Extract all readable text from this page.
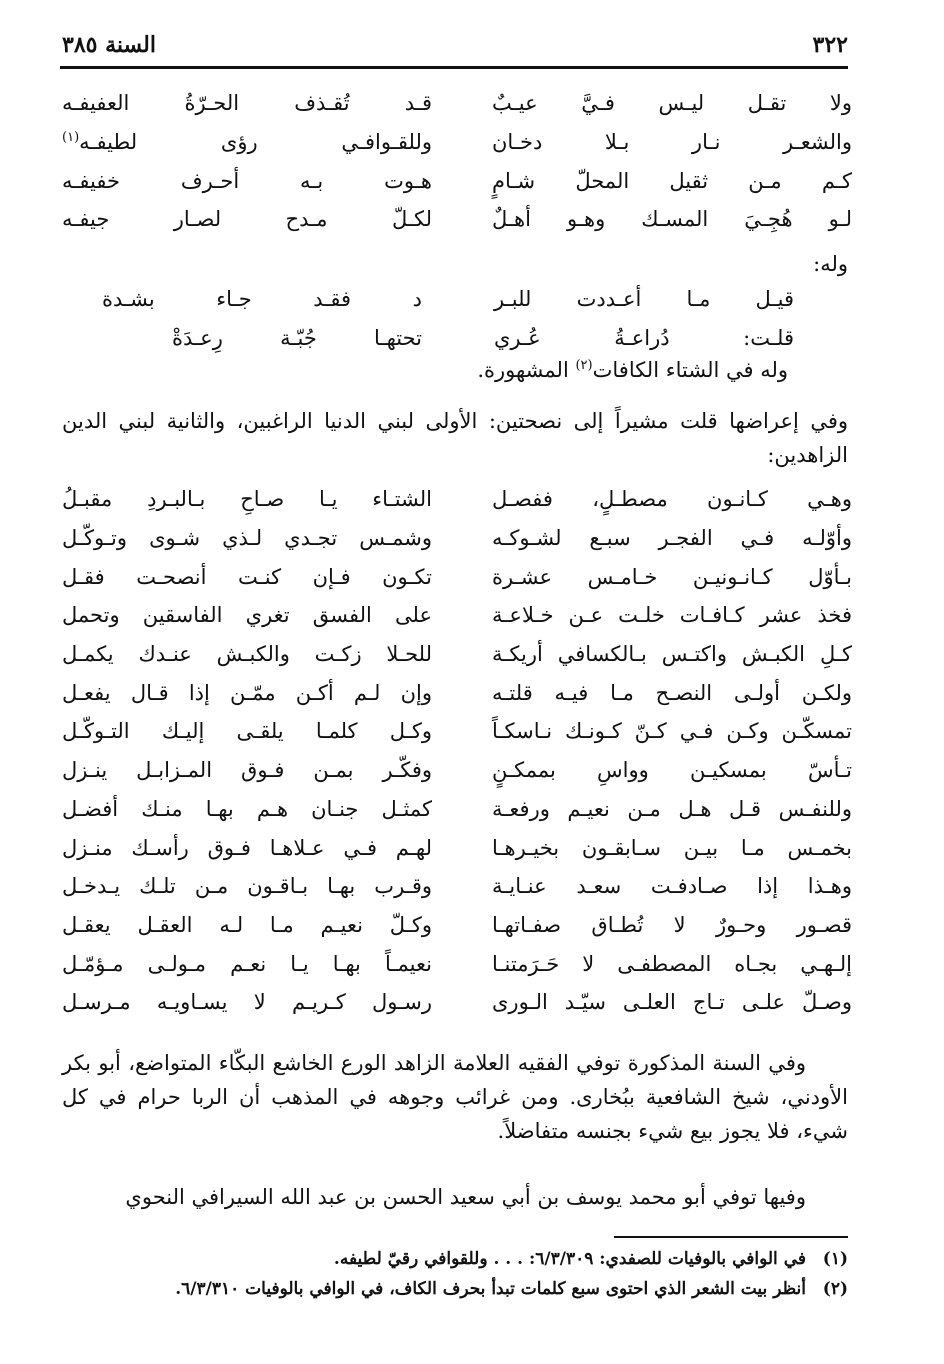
٣٢٢
السنة ٣٨٥
ولا تقـل ليـس فـيَّ عيـبٌ
قـد تُقـذف الحـرّةُ العفيفـه
والشعـر نـار بـلا دخـان
وللقـوافـي رؤى لطيفـه$^{(١)}$
كـم مـن ثقيل المحلّ شـامٍ
هـوت بـه أحـرف خفيفـه
لـو هُجِـيَ المسـك وهـو أهـلٌ
لكـلّ مـدح لصـار جيفـه
وله:
قيـل مـا أعـددت للبـر
د فقـد جـاء بشـدة
قلـت: دُراعـةُ عُـري
تحتهـا جُبّـة رِعـدَةْ
وله في الشتاء الكافات$^{(٢)}$ المشهورة.
وفي إعراضها قلت مشيراً إلى نصحتين: الأولى لبني الدنيا الراغبين، والثانية لبني الدين الزاهدين:
وهـي كـانـون مصطـلٍ، ففصـل
الشتـاء يـا صـاحِ بـالبـردِ مقبـلُ
وأوّلـه فـي الفجـر سبـع لشـوكـه
وشمـس تجـدي لـذي شـوى وتـوكّـل
بـأوّل كـانـونيـن خـامـس عشـرة
تكـون فـإن كنـت أنصحـت فقـل
فخذ عشر كـافـات خلـت عـن خـلاعـة
على الفسق تغري الفاسقين وتحمل
كـلِ الكبـش واكتـس بـالكسافي أريكـة
للحـلا زكـت والكبـش عنـدك يكمـل
ولكـن أولـى النصـح مـا فيـه قلتـه
وإن لـم أكـن ممّـن إذا قـال يفعـل
تمسكّـن وكـن فـي كـنّ كـونـك نـاسكـاً
وكـل كلمـا يلقـى إليـك التـوكّـل
تـأسّ بمسكيـن وواسِ بممكـنٍ
وفكّـر بمـن فـوق المـزابـل ينـزل
وللنفـس قـل هـل مـن نعيـم ورفعـة
كمثـل جنـان هـم بهـا منـك أفضـل
بخمـس مـا بيـن سـابقـون بخيـرهـا
لهـم فـي عـلاهـا فـوق رأسـك منـزل
وهـذا إذا صـادفـت سعـد عنـايـة
وقـرب بهـا بـاقـون مـن تلـك يـدخـل
قصـور وحـورٌ لا تُطـاق صفـاتهـا
وكـلّ نعيـم مـا لـه العقـل يعقـل
إلـهـي بجـاه المصطفـى لا حَـرَمتنـا
نعيمـاً بهـا يـا نعـم مـولـى مـؤمّـل
وصـلّ علـى تـاج العلـى سيّـد الـورى
رسـول كـريـم لا يسـاويـه مـرسـل
وفي السنة المذكورة توفي الفقيه العلامة الزاهد الورع الخاشع البكّاء المتواضع، أبو بكر الأودني، شيخ الشافعية ببُخارى. ومن غرائب وجوهه في المذهب أن الربا حرام في كل شيء، فلا يجوز بيع شيء بجنسه متفاضلاً.
وفيها توفي أبو محمد يوسف بن أبي سعيد الحسن بن عبد الله السيرافي النحوي
(١)
في الوافي بالوفيات للصفدي: ٦/٣/٣٠٩: . . . وللقوافي رقيّ لطيفه.
(٢)
أنظر بيت الشعر الذي احتوى سبع كلمات تبدأ بحرف الكاف، في الوافي بالوفيات ٦/٣/٣١٠.
